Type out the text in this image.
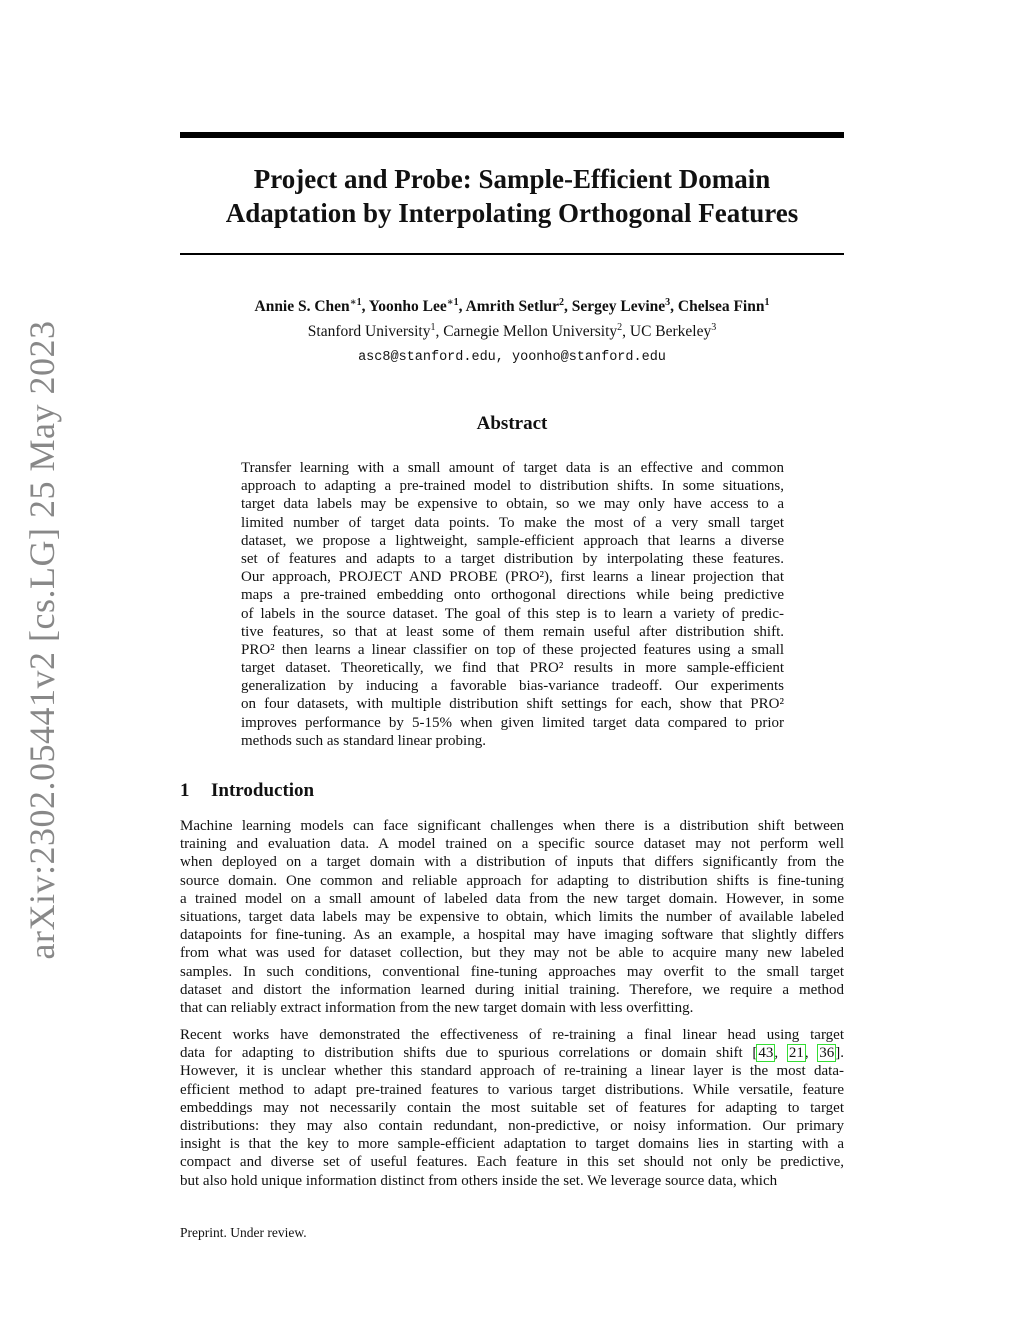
arXiv:2302.05441v2 [cs.LG] 25 May 2023
Project and Probe: Sample-Efficient Domain
Adaptation by Interpolating Orthogonal Features
Annie S. Chen$^{∗1}$, Yoonho Lee$^{∗1}$, Amrith Setlur$^2$, Sergey Levine$^3$, Chelsea Finn$^1$
Stanford University$^1$, Carnegie Mellon University$^2$, UC Berkeley$^3$
asc8@stanford.edu, yoonho@stanford.edu
Abstract
Transfer learning with a small amount of target data is an effective and common
approach to adapting a pre-trained model to distribution shifts. In some situations,
target data labels may be expensive to obtain, so we may only have access to a
limited number of target data points. To make the most of a very small target
dataset, we propose a lightweight, sample-efficient approach that learns a diverse
set of features and adapts to a target distribution by interpolating these features.
Our approach, PROJECT AND PROBE (PRO²), first learns a linear projection that
maps a pre-trained embedding onto orthogonal directions while being predictive
of labels in the source dataset. The goal of this step is to learn a variety of predic-
tive features, so that at least some of them remain useful after distribution shift.
PRO² then learns a linear classifier on top of these projected features using a small
target dataset. Theoretically, we find that PRO² results in more sample-efficient
generalization by inducing a favorable bias-variance tradeoff. Our experiments
on four datasets, with multiple distribution shift settings for each, show that PRO²
improves performance by 5-15% when given limited target data compared to prior
methods such as standard linear probing.
1 Introduction
Machine learning models can face significant challenges when there is a distribution shift between
training and evaluation data. A model trained on a specific source dataset may not perform well
when deployed on a target domain with a distribution of inputs that differs significantly from the
source domain. One common and reliable approach for adapting to distribution shifts is fine-tuning
a trained model on a small amount of labeled data from the new target domain. However, in some
situations, target data labels may be expensive to obtain, which limits the number of available labeled
datapoints for fine-tuning. As an example, a hospital may have imaging software that slightly differs
from what was used for dataset collection, but they may not be able to acquire many new labeled
samples. In such conditions, conventional fine-tuning approaches may overfit to the small target
dataset and distort the information learned during initial training. Therefore, we require a method
that can reliably extract information from the new target domain with less overfitting.
Recent works have demonstrated the effectiveness of re-training a final linear head using target
data for adapting to distribution shifts due to spurious correlations or domain shift [43, 21, 36].
However, it is unclear whether this standard approach of re-training a linear layer is the most data-
efficient method to adapt pre-trained features to various target distributions. While versatile, feature
embeddings may not necessarily contain the most suitable set of features for adapting to target
distributions: they may also contain redundant, non-predictive, or noisy information. Our primary
insight is that the key to more sample-efficient adaptation to target domains lies in starting with a
compact and diverse set of useful features. Each feature in this set should not only be predictive,
but also hold unique information distinct from others inside the set. We leverage source data, which
Preprint. Under review.
